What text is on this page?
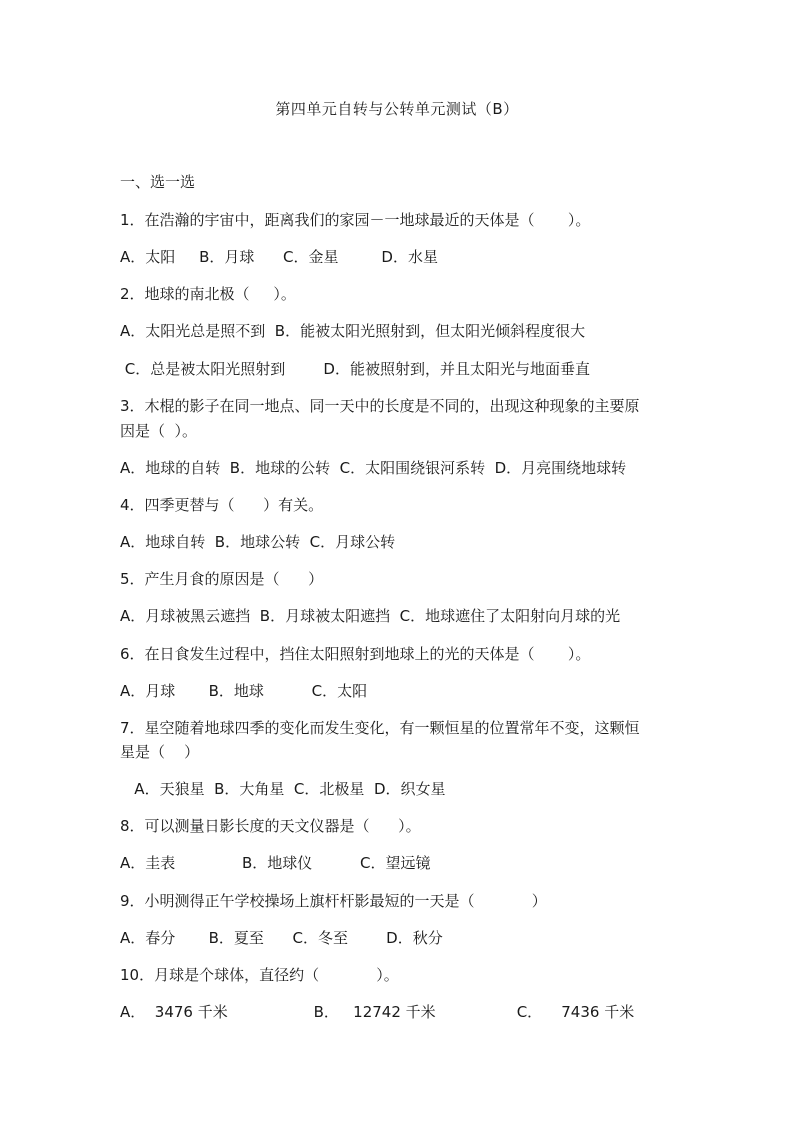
第四单元自转与公转单元测试（B）
一、选一选
1．在浩瀚的宇宙中，距离我们的家园－一地球最近的天体是（       ）。
A．太阳     B．月球      C．金星         D．水星
2．地球的南北极（     ）。
A．太阳光总是照不到  B．能被太阳光照射到，但太阳光倾斜程度很大
C．总是被太阳光照射到        D．能被照射到，并且太阳光与地面垂直
3．木棍的影子在同一地点、同一天中的长度是不同的，出现这种现象的主要原
因是（  ）。
A．地球的自转  B．地球的公转  C．太阳围绕银河系转  D．月亮围绕地球转
4．四季更替与（      ）有关。
A．地球自转  B．地球公转  C．月球公转
5．产生月食的原因是（      ）
A．月球被黑云遮挡  B．月球被太阳遮挡  C．地球遮住了太阳射向月球的光
6．在日食发生过程中，挡住太阳照射到地球上的光的天体是（       ）。
A．月球       B．地球          C．太阳
7．星空随着地球四季的变化而发生变化，有一颗恒星的位置常年不变，这颗恒
星是（    ）
A．天狼星  B．大角星  C．北极星  D．织女星
8．可以测量日影长度的天文仪器是（      ）。
A．圭表              B．地球仪          C．望远镜
9．小明测得正午学校操场上旗杆杆影最短的一天是（            ）
A．春分       B．夏至      C．冬至        D．秋分
10．月球是个球体，直径约（            ）。
A．  3476 千米                  B．   12742 千米                 C．    7436 千米
